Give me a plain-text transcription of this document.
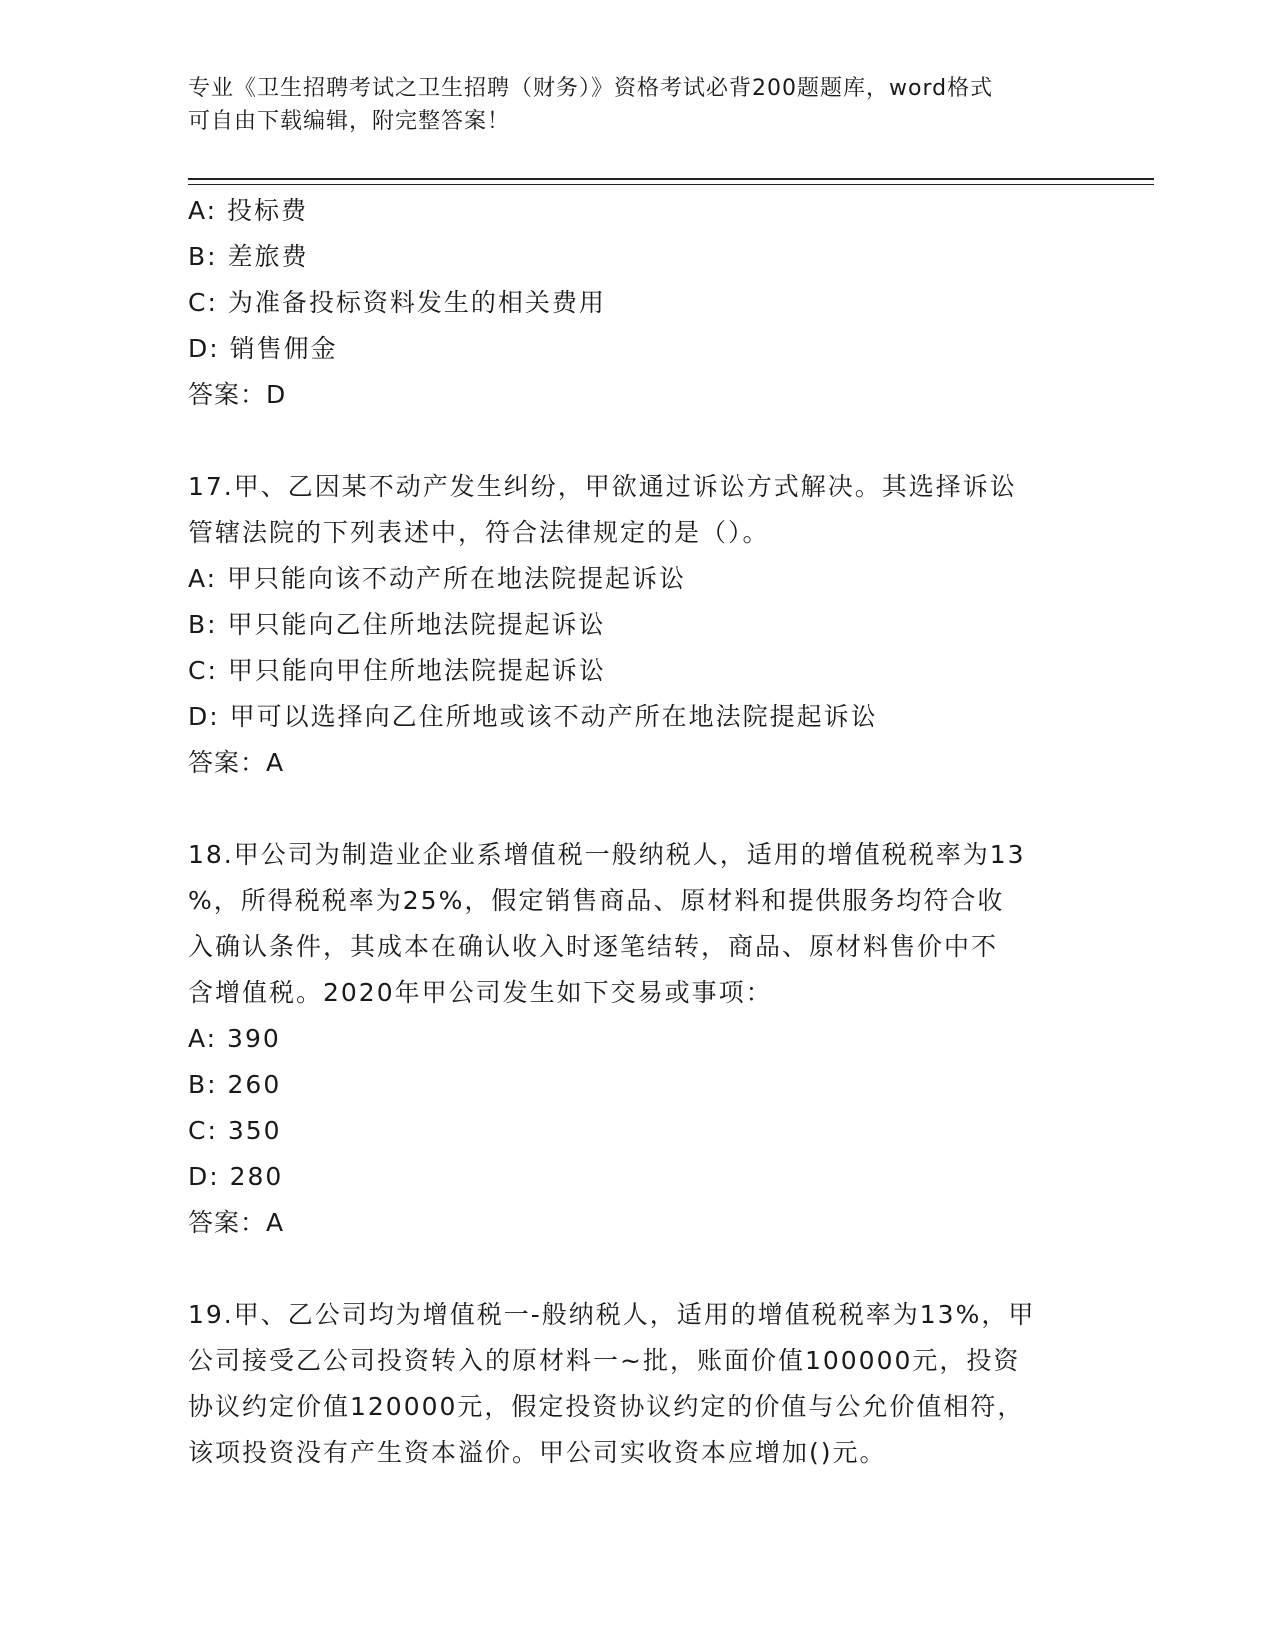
专业《卫生招聘考试之卫生招聘（财务）》资格考试必背200题题库，word格式
可自由下载编辑，附完整答案！
A: 投标费
B: 差旅费
C: 为准备投标资料发生的相关费用
D: 销售佣金
答案：D
17.甲、乙因某不动产发生纠纷，甲欲通过诉讼方式解决。其选择诉讼
管辖法院的下列表述中，符合法律规定的是（）。
A: 甲只能向该不动产所在地法院提起诉讼
B: 甲只能向乙住所地法院提起诉讼
C: 甲只能向甲住所地法院提起诉讼
D: 甲可以选择向乙住所地或该不动产所在地法院提起诉讼
答案：A
18.甲公司为制造业企业系增值税一般纳税人，适用的增值税税率为13
%，所得税税率为25%，假定销售商品、原材料和提供服务均符合收
入确认条件，其成本在确认收入时逐笔结转，商品、原材料售价中不
含增值税。2020年甲公司发生如下交易或事项：
A: 390
B: 260
C: 350
D: 280
答案：A
19.甲、乙公司均为增值税一-般纳税人，适用的增值税税率为13%，甲
公司接受乙公司投资转入的原材料一~批，账面价值100000元，投资
协议约定价值120000元，假定投资协议约定的价值与公允价值相符，
该项投资没有产生资本溢价。甲公司实收资本应增加()元。
